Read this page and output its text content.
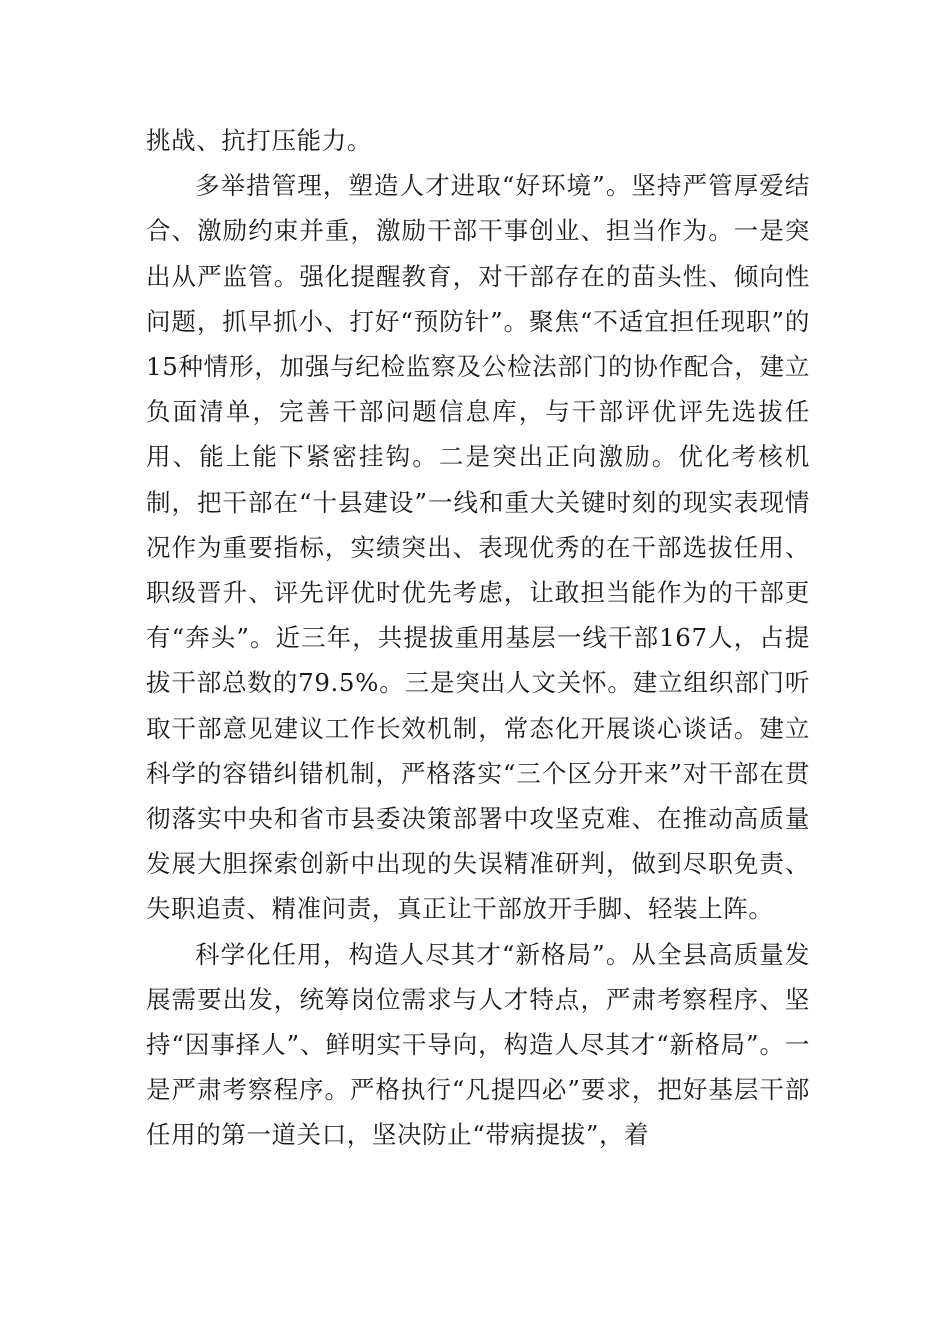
挑战、抗打压能力。

多举措管理，塑造人才进取“好环境”。坚持严管厚爱结合、激励约束并重，激励干部干事创业、担当作为。一是突出从严监管。强化提醒教育，对干部存在的苗头性、倾向性问题，抓早抓小、打好“预防针”。聚焦“不适宜担任现职”的15种情形，加强与纪检监察及公检法部门的协作配合，建立负面清单，完善干部问题信息库，与干部评优评先选拔任用、能上能下紧密挂钩。二是突出正向激励。优化考核机制，把干部在“十县建设”一线和重大关键时刻的现实表现情况作为重要指标，实绩突出、表现优秀的在干部选拔任用、职级晋升、评先评优时优先考虑，让敢担当能作为的干部更有“奔头”。近三年，共提拔重用基层一线干部167人，占提拔干部总数的79.5%。三是突出人文关怀。建立组织部门听取干部意见建议工作长效机制，常态化开展谈心谈话。建立科学的容错纠错机制，严格落实“三个区分开来”对干部在贯彻落实中央和省市县委决策部署中攻坚克难、在推动高质量发展大胆探索创新中出现的失误精准研判，做到尽职免责、失职追责、精准问责，真正让干部放开手脚、轻装上阵。

科学化任用，构造人尽其才“新格局”。从全县高质量发展需要出发，统筹岗位需求与人才特点，严肃考察程序、坚持“因事择人”、鲜明实干导向，构造人尽其才“新格局”。一是严肃考察程序。严格执行“凡提四必”要求，把好基层干部任用的第一道关口，坚决防止“带病提拔”，着
